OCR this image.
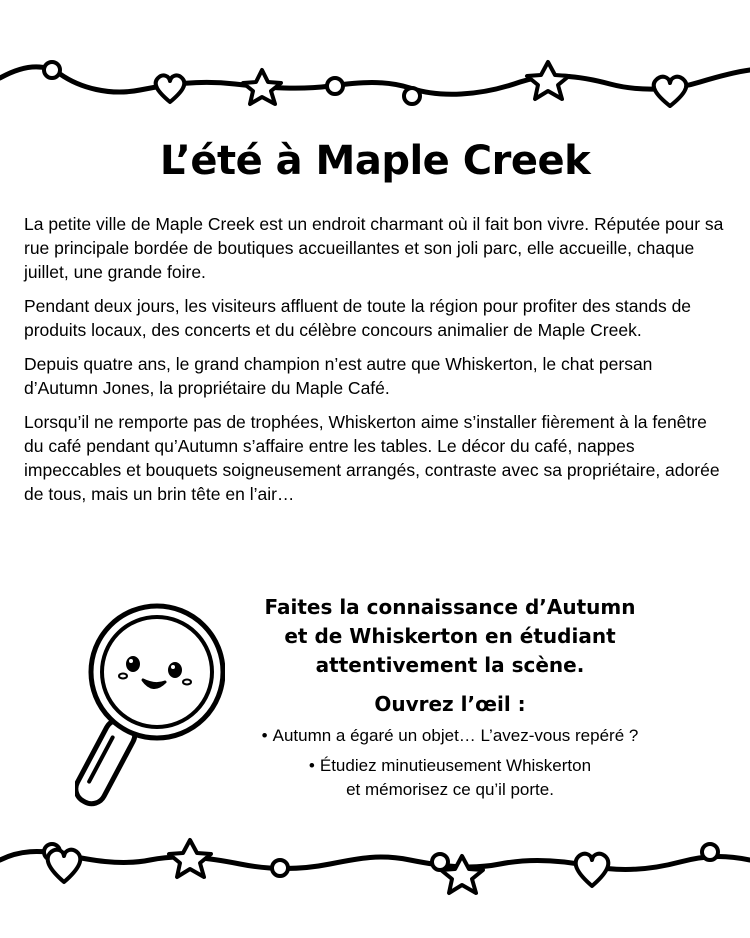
L’été à Maple Creek

La petite ville de Maple Creek est un endroit charmant où il fait bon vivre. Réputée pour sa rue principale bordée de boutiques accueillantes et son joli parc, elle accueille, chaque juillet, une grande foire.

Pendant deux jours, les visiteurs affluent de toute la région pour profiter des stands de produits locaux, des concerts et du célèbre concours animalier de Maple Creek.

Depuis quatre ans, le grand champion n’est autre que Whiskerton, le chat persan d’Autumn Jones, la propriétaire du Maple Café.

Lorsqu’il ne remporte pas de trophées, Whiskerton aime s’installer fièrement à la fenêtre du café pendant qu’Autumn s’affaire entre les tables. Le décor du café, nappes impeccables et bouquets soigneusement arrangés, contraste avec sa propriétaire, adorée de tous, mais un brin tête en l’air…

Faites la connaissance d’Autumn
et de Whiskerton en étudiant
attentivement la scène.

Ouvrez l’œil :

• Autumn a égaré un objet… L’avez-vous repéré ?
• Étudiez minutieusement Whiskerton
et mémorisez ce qu’il porte.
